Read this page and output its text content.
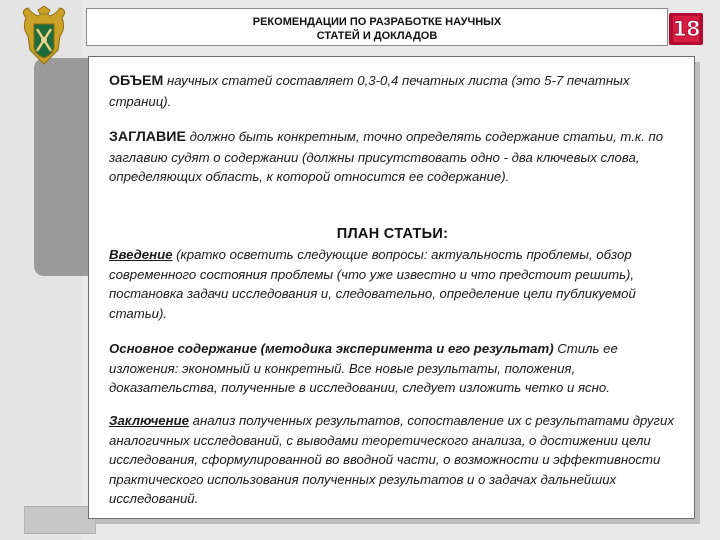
РЕКОМЕНДАЦИИ ПО РАЗРАБОТКЕ НАУЧНЫХ
СТАТЕЙ И ДОКЛАДОВ	18

ОБЪЕМ научных статей составляет 0,3-0,4 печатных листа (это 5-7 печатных страниц).

ЗАГЛАВИЕ должно быть конкретным, точно определять содержание статьи, т.к. по заглавию судят о содержании (должны присутствовать одно - два ключевых слова, определяющих область, к которой относится ее содержание).

ПЛАН СТАТЬИ:

Введение (кратко осветить следующие вопросы: актуальность проблемы, обзор современного состояния проблемы (что уже известно и что предстоит решить), постановка задачи исследования и, следовательно, определение цели публикуемой статьи).

Основное содержание (методика эксперимента и его результат) Стиль ее изложения: экономный и конкретный. Все новые результаты, положения, доказательства, полученные в исследовании, следует изложить четко и ясно.

Заключение анализ полученных результатов, сопоставление их с результатами других аналогичных исследований, с выводами теоретического анализа, о достижении цели исследования, сформулированной во вводной части, о возможности и эффективности практического использования полученных результатов и о задачах дальнейших исследований.
